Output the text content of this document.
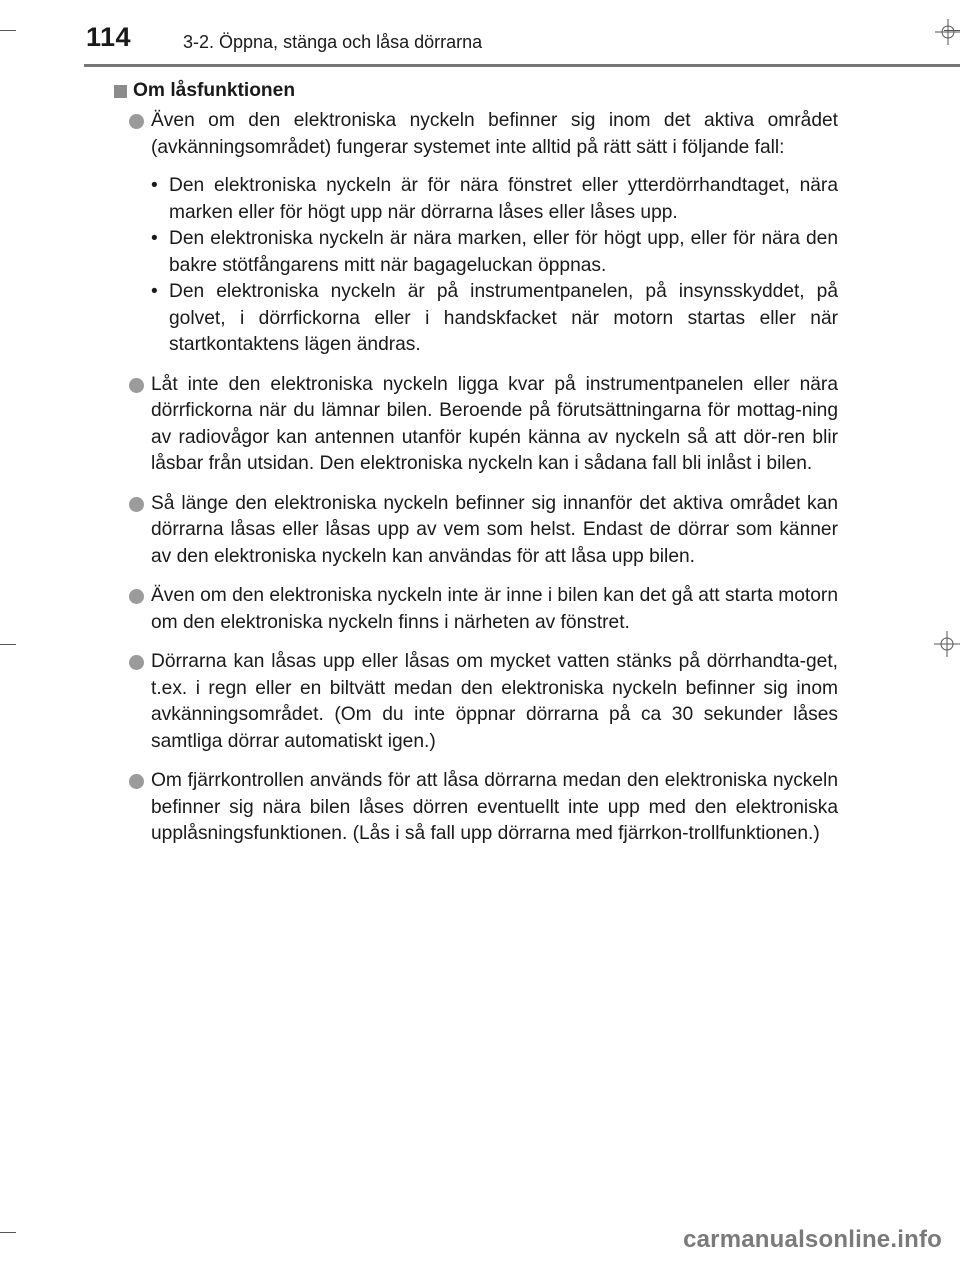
114	3-2. Öppna, stänga och låsa dörrarna
Om låsfunktionen
Även om den elektroniska nyckeln befinner sig inom det aktiva området (avkänningsområdet) fungerar systemet inte alltid på rätt sätt i följande fall:
• Den elektroniska nyckeln är för nära fönstret eller ytterdörrhandtaget, nära marken eller för högt upp när dörrarna låses eller låses upp.
• Den elektroniska nyckeln är nära marken, eller för högt upp, eller för nära den bakre stötfångarens mitt när bagageluckan öppnas.
• Den elektroniska nyckeln är på instrumentpanelen, på insynsskyddet, på golvet, i dörrfickorna eller i handskfacket när motorn startas eller när startkontaktens lägen ändras.
Låt inte den elektroniska nyckeln ligga kvar på instrumentpanelen eller nära dörrfickorna när du lämnar bilen. Beroende på förutsättningarna för mottag-ning av radiovågor kan antennen utanför kupén känna av nyckeln så att dör-ren blir låsbar från utsidan. Den elektroniska nyckeln kan i sådana fall bli inlåst i bilen.
Så länge den elektroniska nyckeln befinner sig innanför det aktiva området kan dörrarna låsas eller låsas upp av vem som helst. Endast de dörrar som känner av den elektroniska nyckeln kan användas för att låsa upp bilen.
Även om den elektroniska nyckeln inte är inne i bilen kan det gå att starta motorn om den elektroniska nyckeln finns i närheten av fönstret.
Dörrarna kan låsas upp eller låsas om mycket vatten stänks på dörrhandta-get, t.ex. i regn eller en biltvätt medan den elektroniska nyckeln befinner sig inom avkänningsområdet. (Om du inte öppnar dörrarna på ca 30 sekunder låses samtliga dörrar automatiskt igen.)
Om fjärrkontrollen används för att låsa dörrarna medan den elektroniska nyckeln befinner sig nära bilen låses dörren eventuellt inte upp med den elektroniska upplåsningsfunktionen. (Lås i så fall upp dörrarna med fjärrkon-trollfunktionen.)
carmanualsonline.info
